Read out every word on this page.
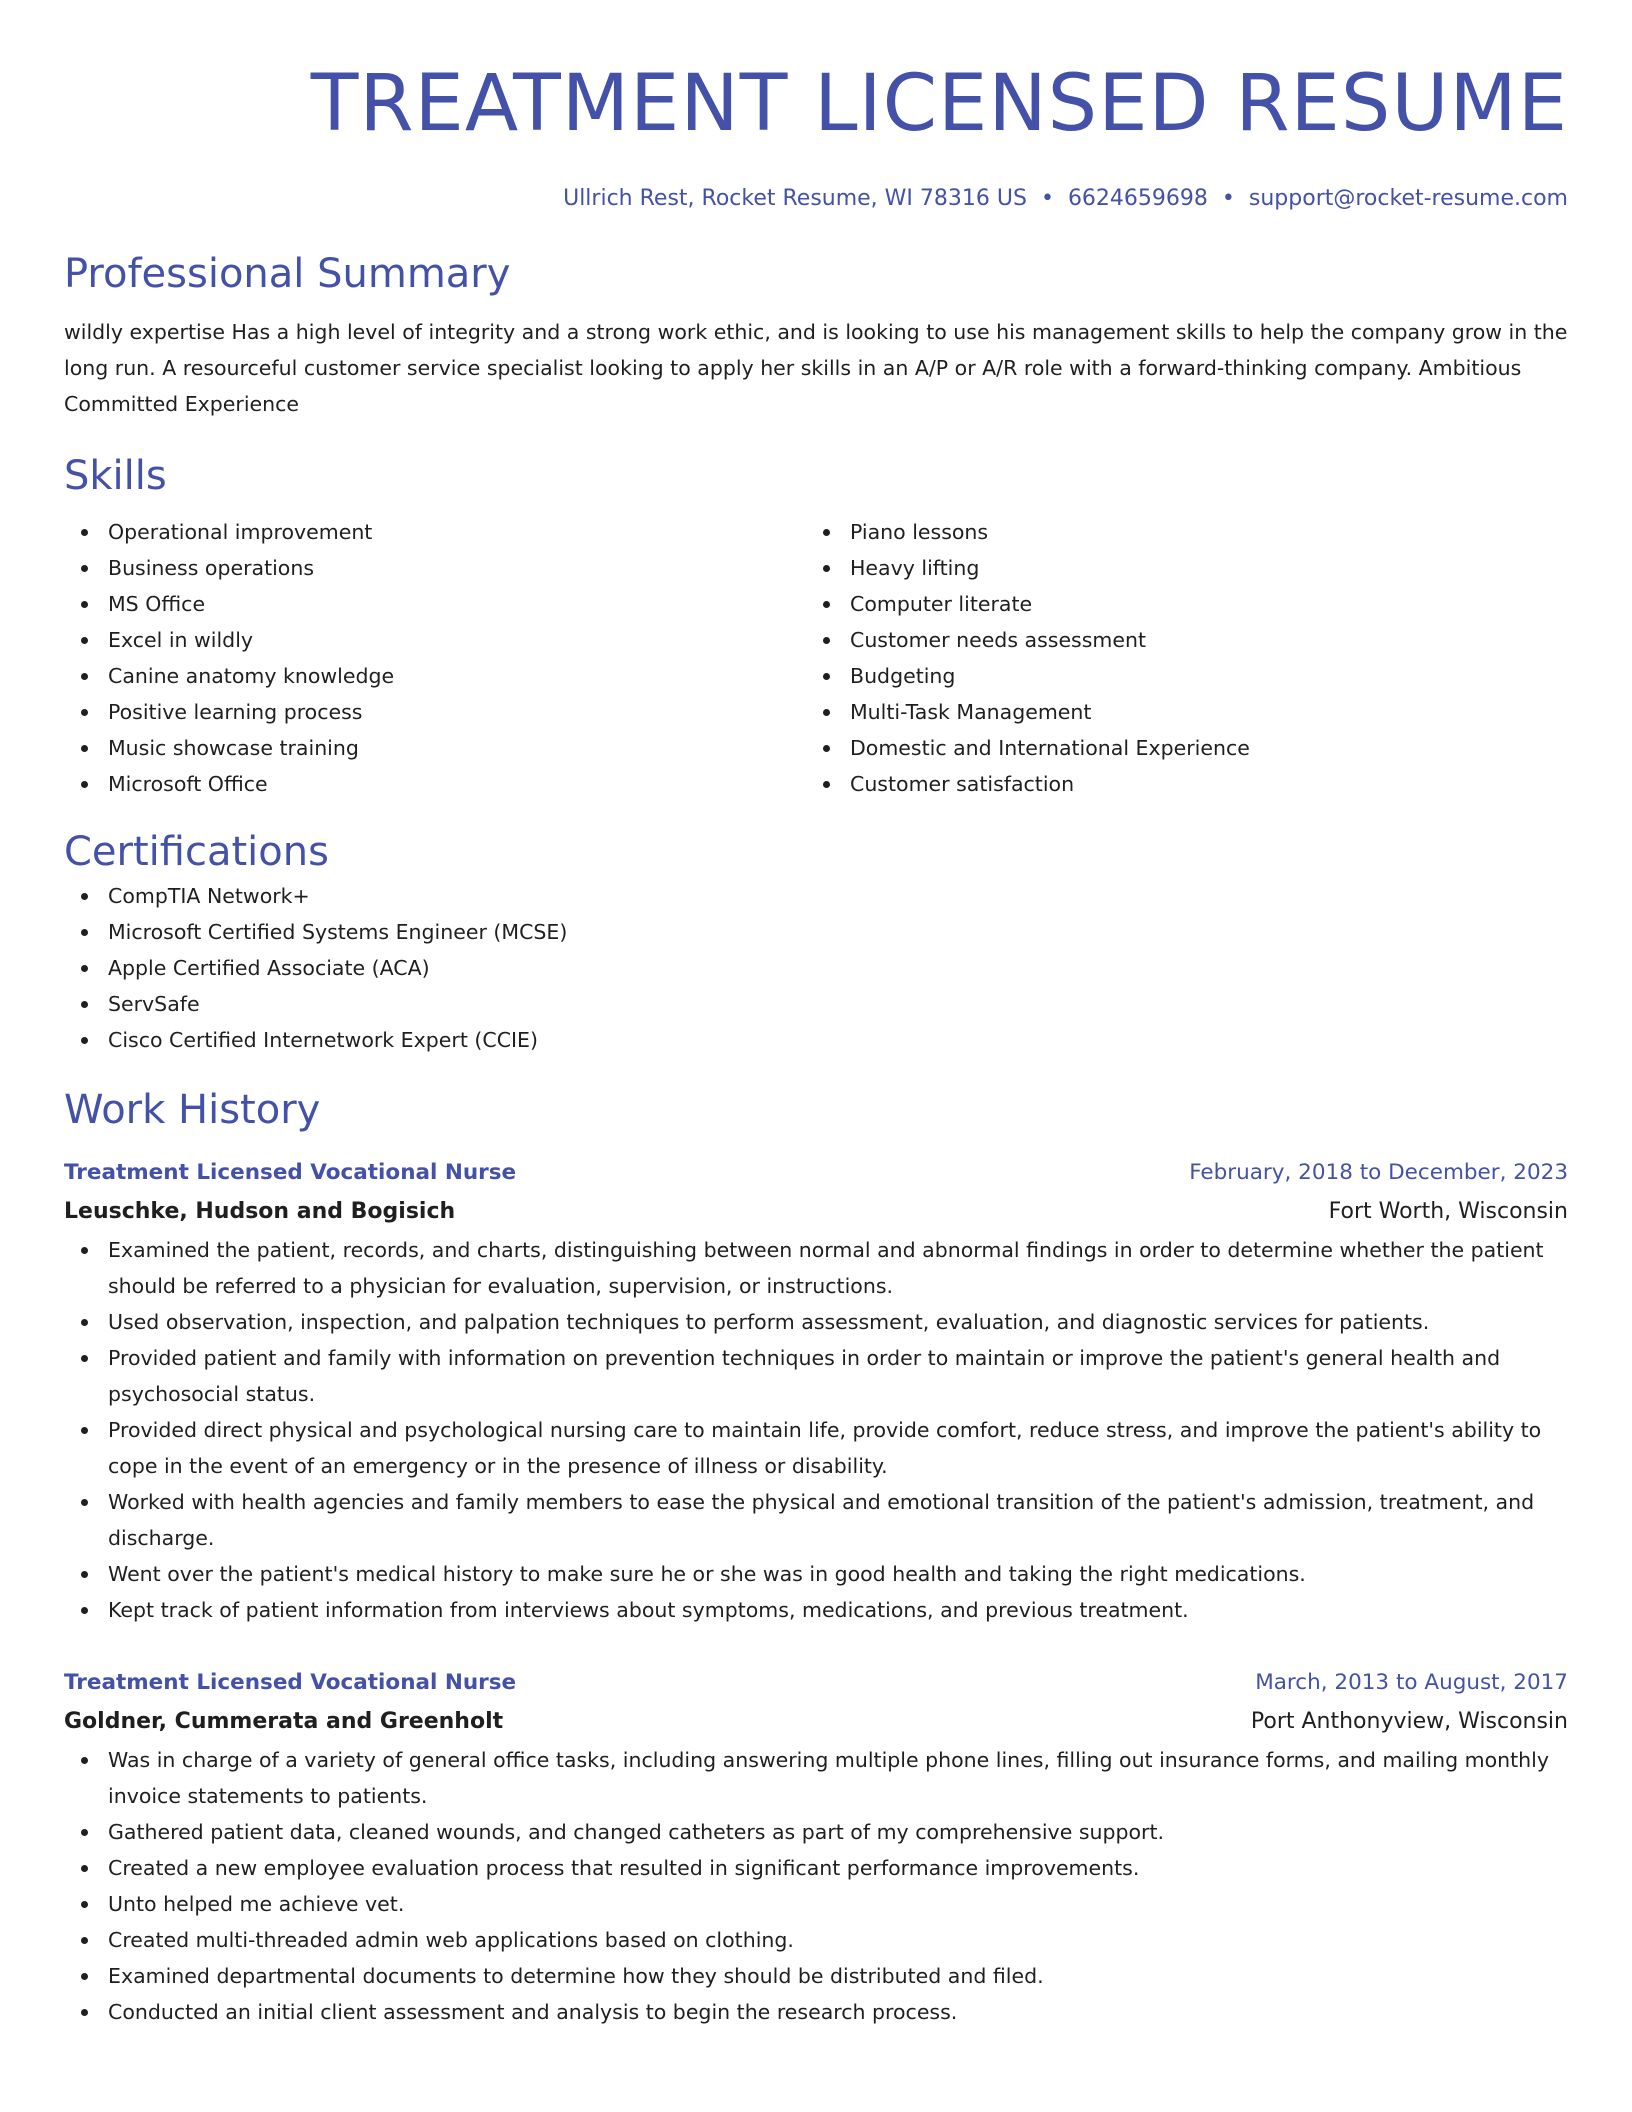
TREATMENT LICENSED RESUME
Ullrich Rest, Rocket Resume, WI 78316 US • 6624659698 • support@rocket-resume.com
Professional Summary
wildly expertise Has a high level of integrity and a strong work ethic, and is looking to use his management skills to help the company grow in the long run. A resourceful customer service specialist looking to apply her skills in an A/P or A/R role with a forward-thinking company. Ambitious Committed Experience
Skills
Operational improvement
Business operations
MS Office
Excel in wildly
Canine anatomy knowledge
Positive learning process
Music showcase training
Microsoft Office
Piano lessons
Heavy lifting
Computer literate
Customer needs assessment
Budgeting
Multi-Task Management
Domestic and International Experience
Customer satisfaction
Certifications
CompTIA Network+
Microsoft Certified Systems Engineer (MCSE)
Apple Certified Associate (ACA)
ServSafe
Cisco Certified Internetwork Expert (CCIE)
Work History
Treatment Licensed Vocational Nurse	February, 2018 to December, 2023
Leuschke, Hudson and Bogisich	Fort Worth, Wisconsin
Examined the patient, records, and charts, distinguishing between normal and abnormal findings in order to determine whether the patient should be referred to a physician for evaluation, supervision, or instructions.
Used observation, inspection, and palpation techniques to perform assessment, evaluation, and diagnostic services for patients.
Provided patient and family with information on prevention techniques in order to maintain or improve the patient's general health and psychosocial status.
Provided direct physical and psychological nursing care to maintain life, provide comfort, reduce stress, and improve the patient's ability to cope in the event of an emergency or in the presence of illness or disability.
Worked with health agencies and family members to ease the physical and emotional transition of the patient's admission, treatment, and discharge.
Went over the patient's medical history to make sure he or she was in good health and taking the right medications.
Kept track of patient information from interviews about symptoms, medications, and previous treatment.
Treatment Licensed Vocational Nurse	March, 2013 to August, 2017
Goldner, Cummerata and Greenholt	Port Anthonyview, Wisconsin
Was in charge of a variety of general office tasks, including answering multiple phone lines, filling out insurance forms, and mailing monthly invoice statements to patients.
Gathered patient data, cleaned wounds, and changed catheters as part of my comprehensive support.
Created a new employee evaluation process that resulted in significant performance improvements.
Unto helped me achieve vet.
Created multi-threaded admin web applications based on clothing.
Examined departmental documents to determine how they should be distributed and filed.
Conducted an initial client assessment and analysis to begin the research process.
